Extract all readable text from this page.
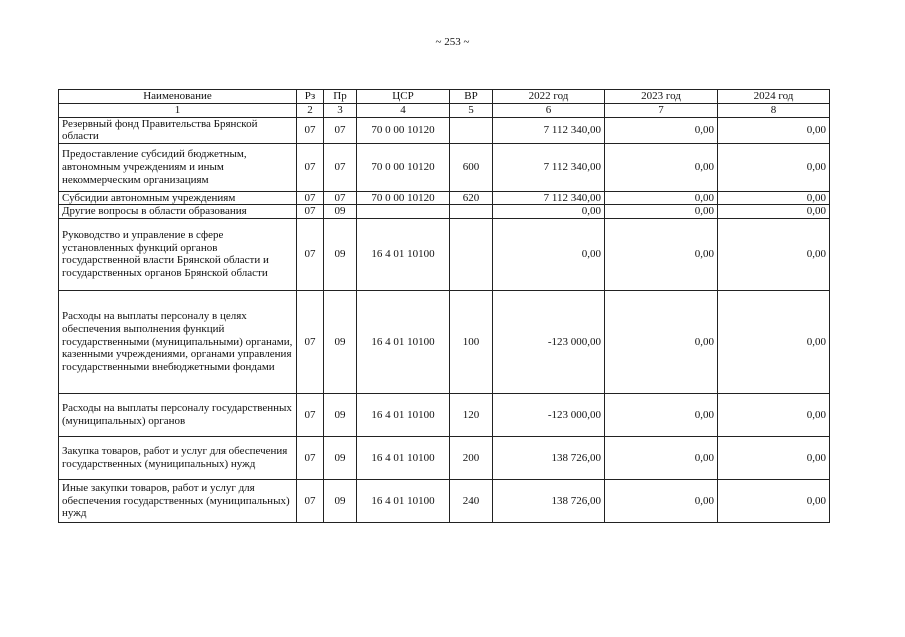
~ 253 ~
Наименование	Рз	Пр	ЦСР	ВР	2022 год	2023 год	2024 год
1	2	3	4	5	6	7	8
Резервный фонд Правительства Брянской области	07	07	70 0 00 10120		7 112 340,00	0,00	0,00
Предоставление субсидий бюджетным, автономным учреждениям и иным некоммерческим организациям	07	07	70 0 00 10120	600	7 112 340,00	0,00	0,00
Субсидии автономным учреждениям	07	07	70 0 00 10120	620	7 112 340,00	0,00	0,00
Другие вопросы в области образования	07	09			0,00	0,00	0,00
Руководство и управление в сфере установленных функций органов государственной власти Брянской области и государственных органов Брянской области	07	09	16 4 01 10100		0,00	0,00	0,00
Расходы на выплаты персоналу в целях обеспечения выполнения функций государственными (муниципальными) органами, казенными учреждениями, органами управления государственными внебюджетными фондами	07	09	16 4 01 10100	100	-123 000,00	0,00	0,00
Расходы на выплаты персоналу государственных (муниципальных) органов	07	09	16 4 01 10100	120	-123 000,00	0,00	0,00
Закупка товаров, работ и услуг для обеспечения государственных (муниципальных) нужд	07	09	16 4 01 10100	200	138 726,00	0,00	0,00
Иные закупки товаров, работ и услуг для обеспечения государственных (муниципальных) нужд	07	09	16 4 01 10100	240	138 726,00	0,00	0,00
